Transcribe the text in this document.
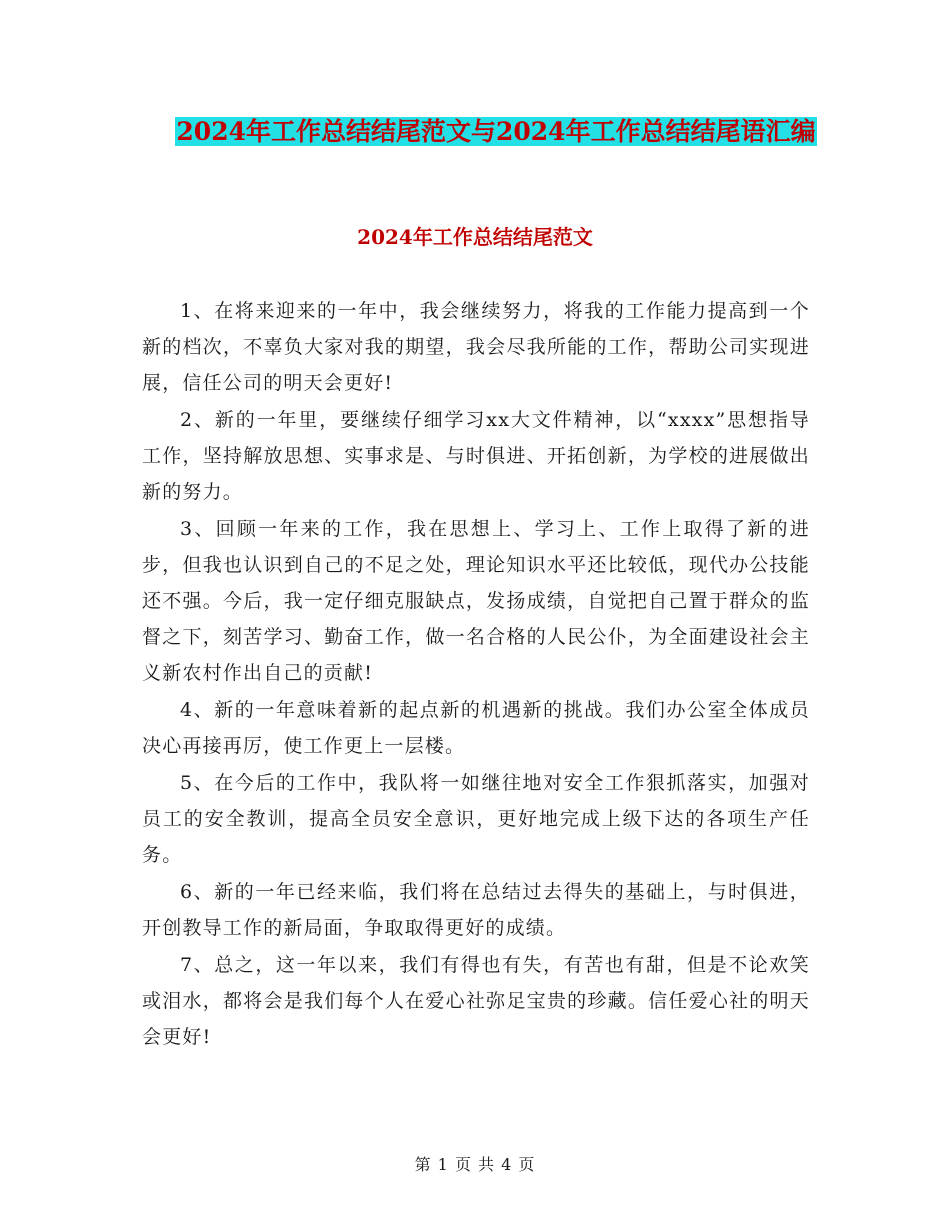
2024年工作总结结尾范文与2024年工作总结结尾语汇编
2024年工作总结结尾范文

1、在将来迎来的一年中，我会继续努力，将我的工作能力提高到一个新的档次，不辜负大家对我的期望，我会尽我所能的工作，帮助公司实现进展，信任公司的明天会更好!

2、新的一年里，要继续仔细学习xx大文件精神，以“xxxx”思想指导工作，坚持解放思想、实事求是、与时俱进、开拓创新，为学校的进展做出新的努力。

3、回顾一年来的工作，我在思想上、学习上、工作上取得了新的进步，但我也认识到自己的不足之处，理论知识水平还比较低，现代办公技能还不强。今后，我一定仔细克服缺点，发扬成绩，自觉把自己置于群众的监督之下，刻苦学习、勤奋工作，做一名合格的人民公仆，为全面建设社会主义新农村作出自己的贡献!

4、新的一年意味着新的起点新的机遇新的挑战。我们办公室全体成员决心再接再厉，使工作更上一层楼。

5、在今后的工作中，我队将一如继往地对安全工作狠抓落实，加强对员工的安全教训，提高全员安全意识，更好地完成上级下达的各项生产任务。

6、新的一年已经来临，我们将在总结过去得失的基础上，与时俱进，开创教导工作的新局面，争取取得更好的成绩。

7、总之，这一年以来，我们有得也有失，有苦也有甜，但是不论欢笑或泪水，都将会是我们每个人在爱心社弥足宝贵的珍藏。信任爱心社的明天会更好!

第 1 页 共 4 页
